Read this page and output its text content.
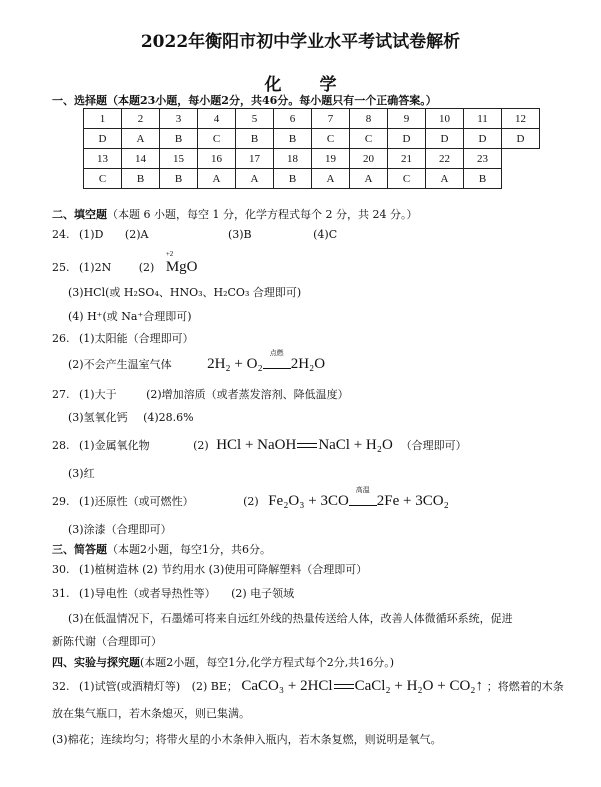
2022年衡阳市初中学业水平考试试卷解析
化学
一、选择题（本题23小题，每小题2分，共46分。每小题只有一个正确答案。）
1	2	3	4	5	6	7	8	9	10	11	12
D	A	B	C	B	B	C	C	D	D	D	D
13	14	15	16	17	18	19	20	21	22	23	
C	B	B	A	A	B	A	A	C	A	B	
二、填空题（本题 6 小题，每空 1 分，化学方程式每个 2 分，共 24 分。）
24. (1)D (2)A	(3)B	(4)C
25. (1)2N	(2)
+2
MgO
(3)HCl(或 H₂SO₄、HNO₃、H₂CO₃ 合理即可)
(4) H⁺(或 Na⁺合理即可)
26. (1)太阳能（合理即可）
(2)不会产生温室气体 2H₂ + O₂
点燃
2H₂O
27. (1)大于	(2)增加溶质（或者蒸发溶剂、降低温度）
(3)氢氧化钙 (4)28.6%
28. (1)金属氧化物	(2) HCl + NaOH NaCl + H₂O （合理即可）
(3)红
29. (1)还原性（或可燃性）	(2) Fe₂O₃ + 3CO
高温
2Fe + 3CO₂
(3)涂漆（合理即可）
三、简答题（本题2小题，每空1分，共6分。
30. (1)植树造林 (2) 节约用水 (3)使用可降解塑料（合理即可）
31. (1)导电性（或者导热性等） (2) 电子领域
(3)在低温情况下，石墨烯可将来自远红外线的热量传送给人体，改善人体微循环系统，促进
新陈代谢（合理即可）
四、实验与探究题(本题2小题，每空1分,化学方程式每个2分,共16分。)
32. (1)试管(或酒精灯等) (2) BE； CaCO₃ + 2HCl CaCl₂ + H₂O + CO₂↑ ；将燃着的木条
放在集气瓶口，若木条熄灭，则已集满。
(3)棉花；连续均匀；将带火星的小木条伸入瓶内，若木条复燃，则说明是氧气。
